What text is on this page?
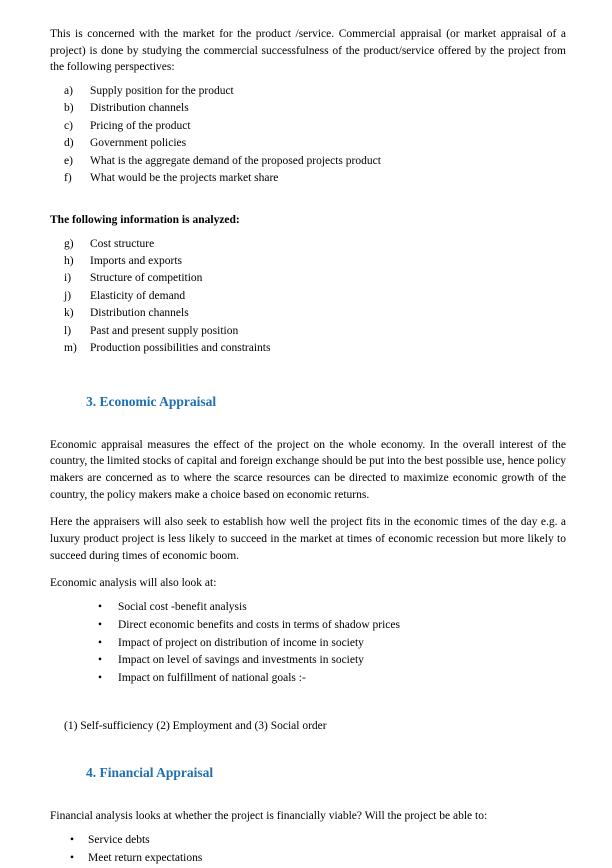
This is concerned with the market for the product /service. Commercial appraisal (or market appraisal of a project) is done by studying the commercial successfulness of the product/service offered by the project from the following perspectives:

a)	Supply position for the product
b)	Distribution channels
c)	Pricing of the product
d)	Government policies
e)	What is the aggregate demand of the proposed projects product
f)	What would be the projects market share

The following information is analyzed:

g)	Cost structure
h)	Imports and exports
i)	Structure of competition
j)	Elasticity of demand
k)	Distribution channels
l)	Past and present supply position
m)	Production possibilities and constraints
3. Economic Appraisal

Economic appraisal measures the effect of the project on the whole economy. In the overall interest of the country, the limited stocks of capital and foreign exchange should be put into the best possible use, hence policy makers are concerned as to where the scarce resources can be directed to maximize economic growth of the country, the policy makers make a choice based on economic returns.

Here the appraisers will also seek to establish how well the project fits in the economic times of the day e.g. a luxury product project is less likely to succeed in the market at times of economic recession but more likely to succeed during times of economic boom.

Economic analysis will also look at:

• Social cost -benefit analysis
• Direct economic benefits and costs in terms of shadow prices
• Impact of project on distribution of income in society
• Impact on level of savings and investments in society
• Impact on fulfillment of national goals :-

(1) Self-sufficiency (2) Employment and (3) Social order

4. Financial Appraisal

Financial analysis looks at whether the project is financially viable? Will the project be able to:

• Service debts
• Meet return expectations
